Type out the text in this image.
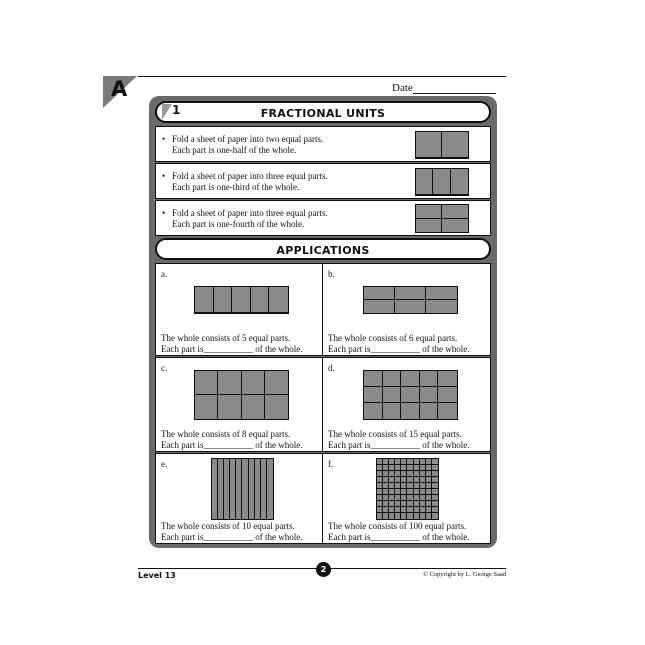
A	Date
FRACTIONAL UNITS
1
• Fold a sheet of paper into two equal parts.
Each part is one-half of the whole.
• Fold a sheet of paper into three equal parts.
Each part is one-third of the whole.
• Fold a sheet of paper into three equal parts.
Each part is one-fourth of the whole.
APPLICATIONS
a.
The whole consists of 5 equal parts.
Each part is___________ of the whole.
b.
The whole consists of 6 equal parts.
Each part is___________ of the whole.
c.
The whole consists of 8 equal parts.
Each part is___________ of the whole.
d.
The whole consists of 15 equal parts.
Each part is___________ of the whole.
e.
The whole consists of 10 equal parts.
Each part is___________ of the whole.
f.
The whole consists of 100 equal parts.
Each part is___________ of the whole.
Level 13
2
© Copyright by L. George Saad
